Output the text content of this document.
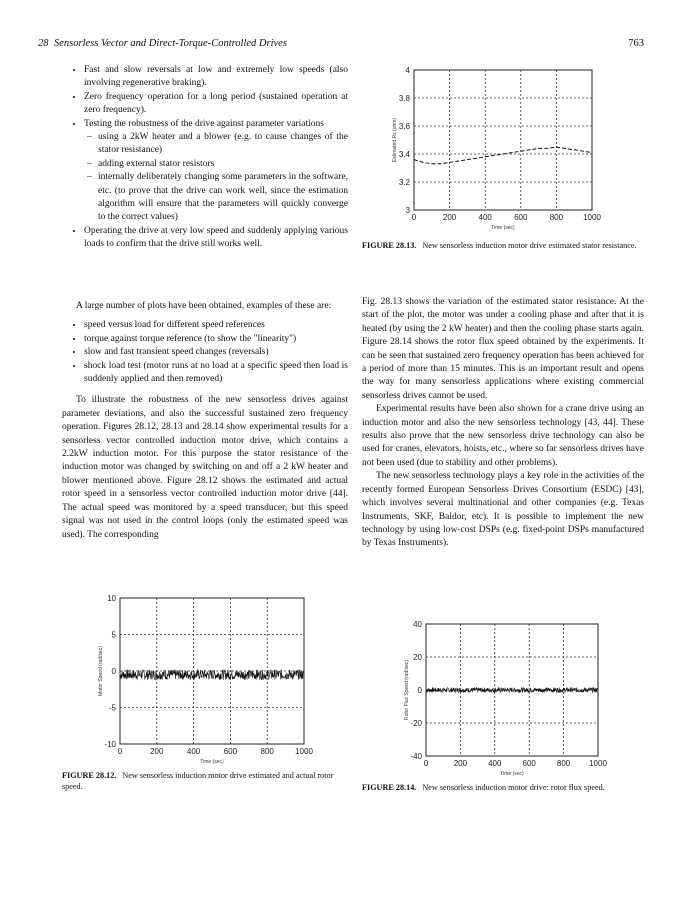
28 Sensorless Vector and Direct-Torque-Controlled Drives	763
• Fast and slow reversals at low and extremely low speeds (also involving regenerative braking).
• Zero frequency operation for a long period (sustained operation at zero frequency).
• Testing the robustness of the drive against parameter variations
– using a 2kW heater and a blower (e.g. to cause changes of the stator resistance)
– adding external stator resistors
– internally deliberately changing some parameters in the software, etc. (to prove that the drive can work well, since the estimation algorithm will ensure that the parameters will quickly converge to the correct values)
• Operating the drive at very low speed and suddenly applying various loads to confirm that the drive still works well.

A large number of plots have been obtained, examples of these are:

• speed versus load for different speed references
• torque against torque reference (to show the "linearity")
• slow and fast transient speed changes (reversals)
• shock load test (motor runs at no load at a specific speed then load is suddenly applied and then removed)

To illustrate the robustness of the new sensorless drives against parameter deviations, and also the successful sustained zero frequency operation. Figures 28.12, 28.13 and 28.14 show experimental results for a sensorless vector controlled induction motor drive, which contains a 2.2kW induction motor. For this purpose the stator resistance of the induction motor was changed by switching on and off a 2 kW heater and blower mentioned above. Figure 28.12 shows the estimated and actual rotor speed in a sensorless vector controlled induction motor drive [44]. The actual speed was monitored by a speed transducer, but this speed signal was not used in the control loops (only the estimated speed was used). The corresponding

Fig. 28.13 shows the variation of the estimated stator resistance. At the start of the plot, the motor was under a cooling phase and after that it is heated (by using the 2 kW heater) and then the cooling phase starts again. Figure 28.14 shows the rotor flux speed obtained by the experiments. It can be seen that sustained zero frequency operation has been achieved for a period of more than 15 minutes. This is an important result and opens the way for many sensorless applications where existing commercial sensorless drives cannot be used.

Experimental results have been also shown for a crane drive using an induction motor and also the new sensorless technology [43, 44]. These results also prove that the new sensorless drive technology can also be used for cranes, elevators, hoists, etc., where so far sensorless drives have not been used (due to stability and other problems).

The new sensorless technology plays a key role in the activities of the recently formed European Sensorless Drives Consortium (ESDC) [43], which involves several multinational and other companies (e.g. Texas Instruments, SKF, Baldor, etc). It is possible to implement the new technology by using low-cost DSPs (e.g. fixed-point DSPs manufactured by Texas Instruments).

0	200	400	600	800	1000
3
3.2
3.4
3.6
3.8
4
Time (sec)
Estimated Rs (ohm)
FIGURE 28.13. New sensorless induction motor drive estimated stator resistance.
0	200	400	600	800	1000
-10
-5
0
5
10
Time (sec)
Motor Speed (rad/sec)
FIGURE 28.12. New sensorless induction motor drive estimated and actual rotor speed.
0	200	400	600	800 1000
-40
-20
0
20
40
Time (sec)
Rotor Flux Speed (rad/sec)
FIGURE 28.14. New sensorless induction motor drive: rotor flux speed.
